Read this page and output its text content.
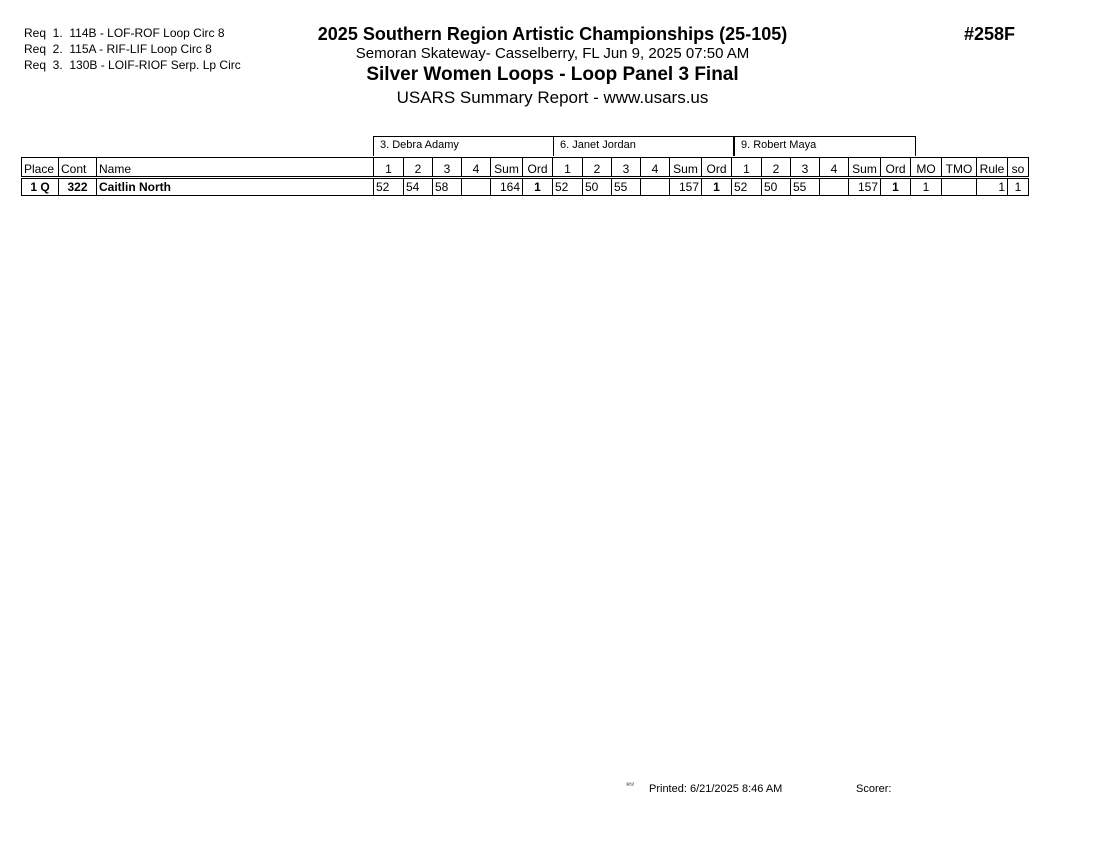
Req  1.  114B - LOF-ROF Loop Circ 8
Req  2.  115A - RIF-LIF Loop Circ 8
Req  3.  130B - LOIF-RIOF Serp. Lp Circ
2025 Southern Region Artistic Championships (25-105)
Semoran Skateway- Casselberry, FL Jun 9, 2025 07:50 AM
Silver Women Loops - Loop Panel 3 Final
USARS Summary Report - www.usars.us
#258F
3. Debra Adamy	6. Janet Jordan	9. Robert Maya
Place	Cont	Name	1	2	3	4	Sum	Ord	1	2	3	4	Sum	Ord	1	2	3	4	Sum	Ord	MO	TMO	Rule	so
1 Q	322	Caitlin North	52	54	58		164	1	52	50	55		157	1	52	50	55		157	1	1		1	1
³²¹² Printed: 6/21/2025 8:46 AM	Scorer:
